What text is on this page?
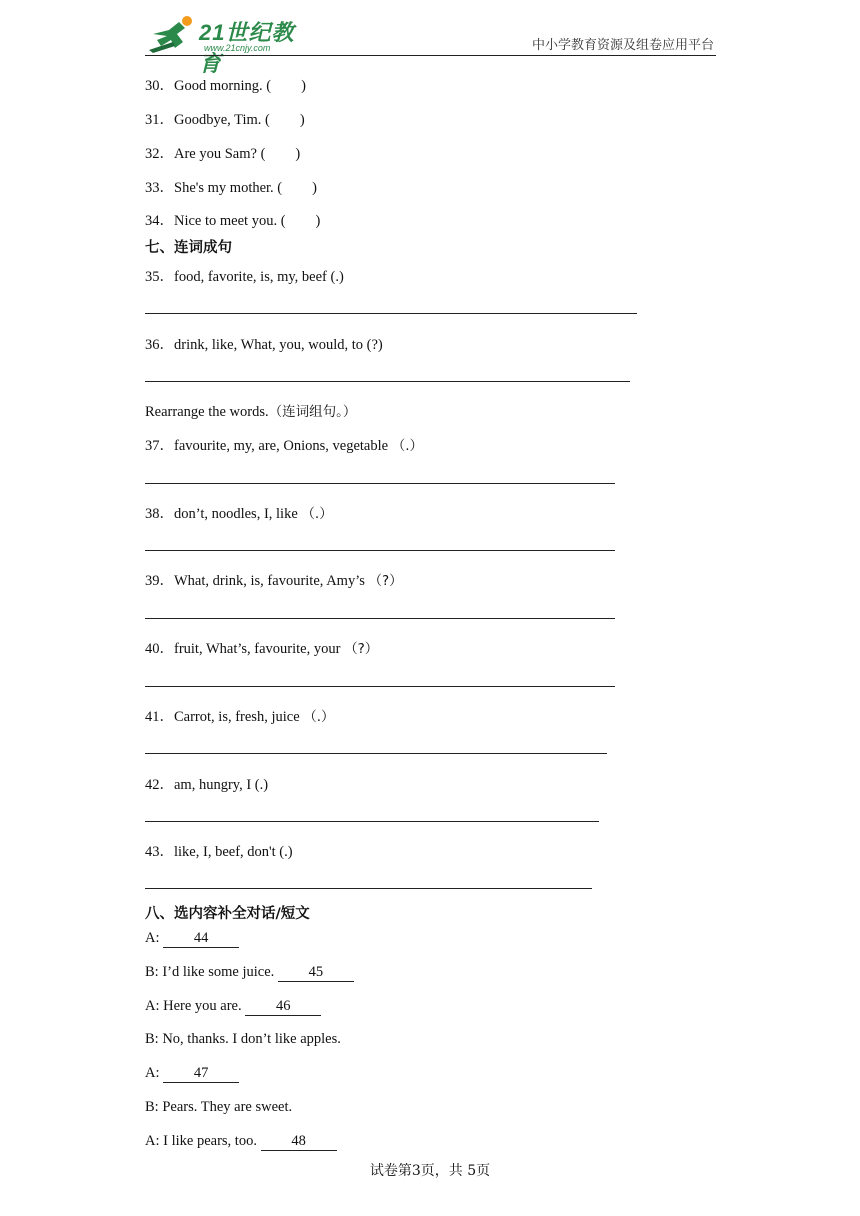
21世纪教育
www.21cnjy.com	中小学教育资源及组卷应用平台
30．Good morning. ( )
31．Goodbye, Tim. ( )
32．Are you Sam? ( )
33．She's my mother. ( )
34．Nice to meet you. ( )
七、连词成句
35．food, favorite, is, my, beef (.)
36．drink, like, What, you, would, to (?)
Rearrange the words.（连词组句。）
37．favourite, my, are, Onions, vegetable （.）
38．don’t, noodles, I, like （.）
39．What, drink, is, favourite, Amy’s （?）
40．fruit, What’s, favourite, your （?）
41．Carrot, is, fresh, juice （.）
42．am, hungry, I (.)
43．like, I, beef, don't (.)
八、选内容补全对话/短文
A: 44
B: I’d like some juice. 45
A: Here you are. 46
B: No, thanks. I don’t like apples.
A: 47
B: Pears. They are sweet.
A: I like pears, too. 48
试卷第3页，共 5页
